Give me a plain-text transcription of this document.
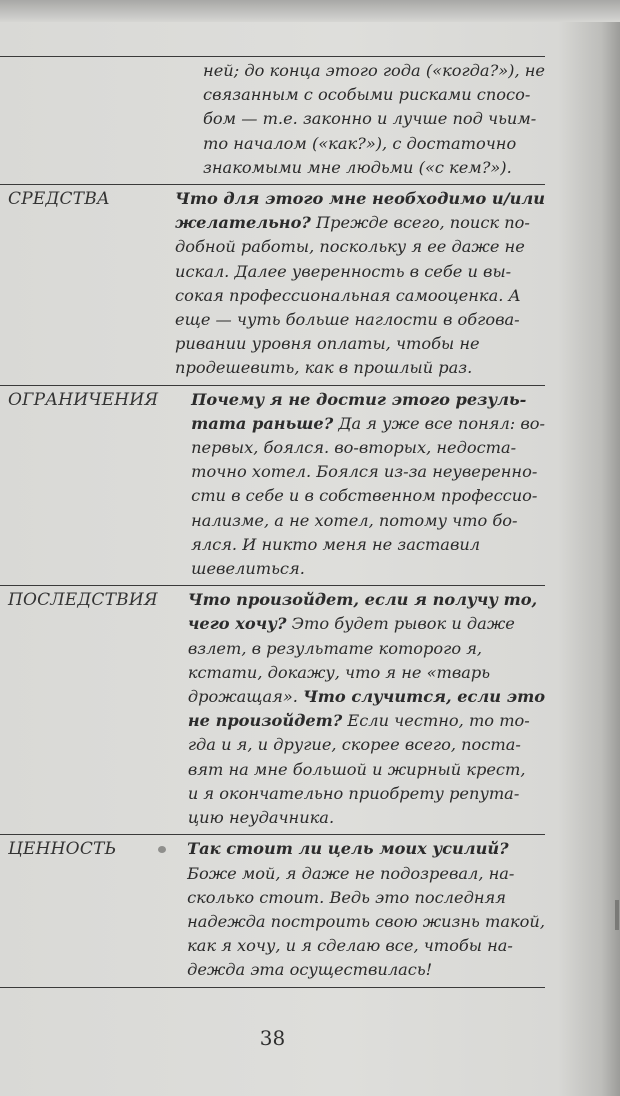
ней; до конца этого года («когда?»), не
связанным с особыми рисками спосо-
бом — т.е. законно и лучше под чьим-
то началом («как?»), с достаточно
знакомыми мне людьми («с кем?»).
СРЕДСТВА	Что для этого мне необходимо и/или
желательно? Прежде всего, поиск по-
добной работы, поскольку я ее даже не
искал. Далее уверенность в себе и вы-
сокая профессиональная самооценка. А
еще — чуть больше наглости в обгова-
ривании уровня оплаты, чтобы не
продешевить, как в прошлый раз.
ОГРАНИЧЕНИЯ	Почему я не достиг этого резуль-
тата раньше? Да я уже все понял: во-
первых, боялся. во-вторых, недоста-
точно хотел. Боялся из-за неуверенно-
сти в себе и в собственном профессио-
нализме, а не хотел, потому что бо-
ялся. И никто меня не заставил
шевелиться.
ПОСЛЕДСТВИЯ	Что произойдет, если я получу то,
чего хочу? Это будет рывок и даже
взлет, в результате которого я,
кстати, докажу, что я не «тварь
дрожащая». Что случится, если это
не произойдет? Если честно, то то-
гда и я, и другие, скорее всего, поста-
вят на мне большой и жирный крест,
и я окончательно приобрету репута-
цию неудачника.
ЦЕННОСТЬ	Так стоит ли цель моих усилий?
Боже мой, я даже не подозревал, на-
сколько стоит. Ведь это последняя
надежда построить свою жизнь такой,
как я хочу, и я сделаю все, чтобы на-
дежда эта осуществилась!
38
